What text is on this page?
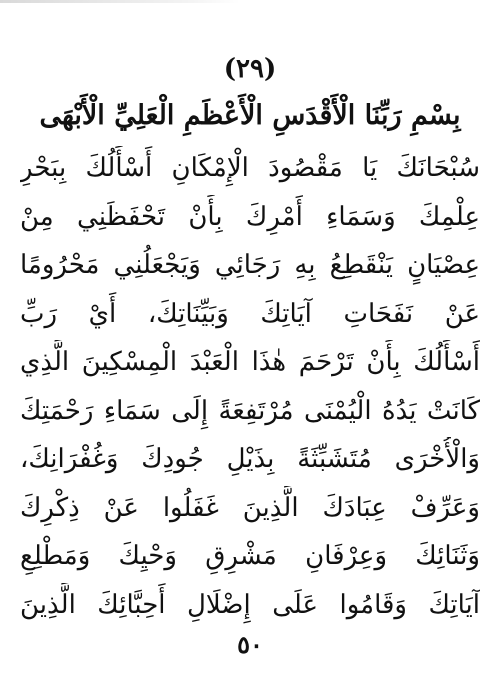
(٢٩)
بِسْمِ رَبِّنَا الْأَقْدَسِ الْأَعْظَمِ الْعَلِيِّ الْأَبْهَى
سُبْحَانَكَ يَا مَقْصُودَ الْإِمْكَانِ أَسْأَلُكَ بِبَحْرِ
عِلْمِكَ وَسَمَاءِ أَمْرِكَ بِأَنْ تَحْفَظَنِي مِنْ
عِصْيَانٍ يَنْقَطِعُ بِهِ رَجَائِي وَيَجْعَلُنِي مَحْرُومًا
عَنْ نَفَحَاتِ آيَاتِكَ وَبَيِّنَاتِكَ، أَيْ رَبِّ
أَسْأَلُكَ بِأَنْ تَرْحَمَ هٰذَا الْعَبْدَ الْمِسْكِينَ الَّذِي
كَانَتْ يَدُهُ الْيُمْنَى مُرْتَفِعَةً إِلَى سَمَاءِ رَحْمَتِكَ
وَالْأُخْرَى مُتَشَبِّثَةً بِذَيْلِ جُودِكَ وَغُفْرَانِكَ،
وَعَرِّفْ عِبَادَكَ الَّذِينَ غَفَلُوا عَنْ ذِكْرِكَ
وَثَنَائِكَ وَعِرْفَانِ مَشْرِقِ وَحْيِكَ وَمَطْلِعِ
آيَاتِكَ وَقَامُوا عَلَى إِضْلَالِ أَحِبَّائِكَ الَّذِينَ
٥٠
